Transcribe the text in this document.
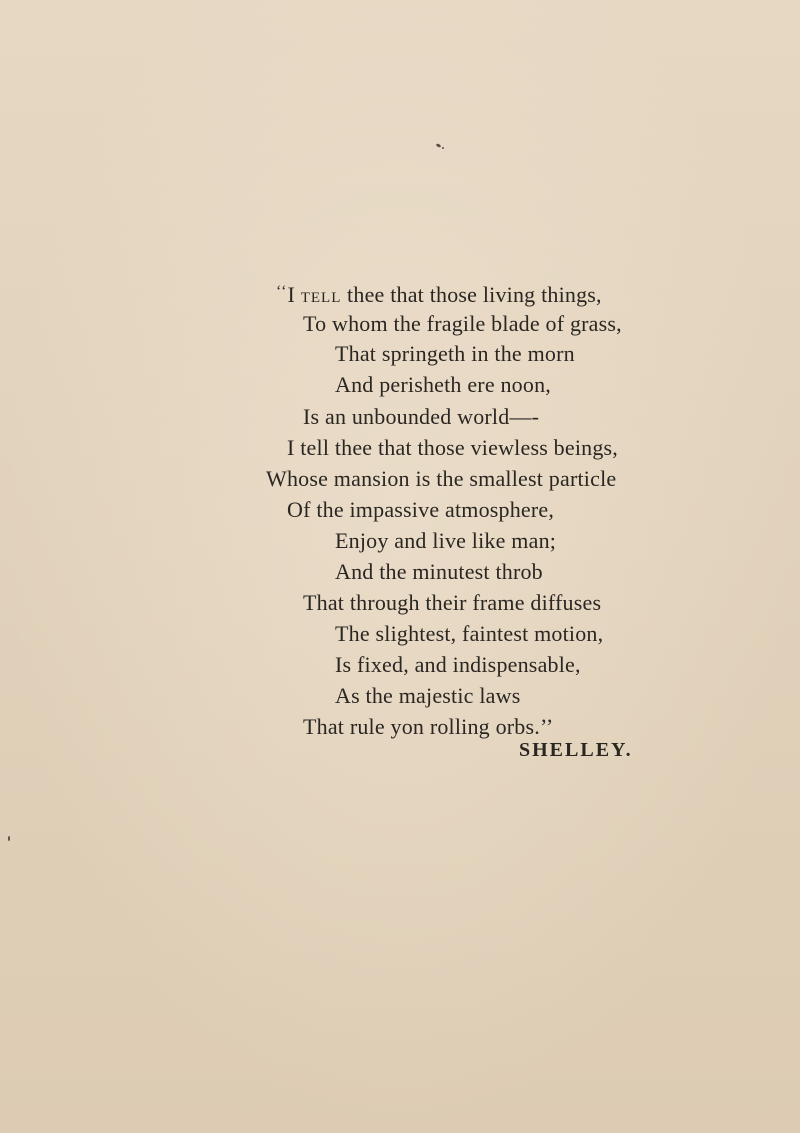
‘‘I tell thee that those living things,
To whom the fragile blade of grass,
That springeth in the morn
And perisheth ere noon,
Is an unbounded world—-
I tell thee that those viewless beings,
Whose mansion is the smallest particle
Of the impassive atmosphere,
Enjoy and live like man;
And the minutest throb
That through their frame diffuses
The slightest, faintest motion,
Is fixed, and indispensable,
As the majestic laws
That rule yon rolling orbs.’’
SHELLEY.
